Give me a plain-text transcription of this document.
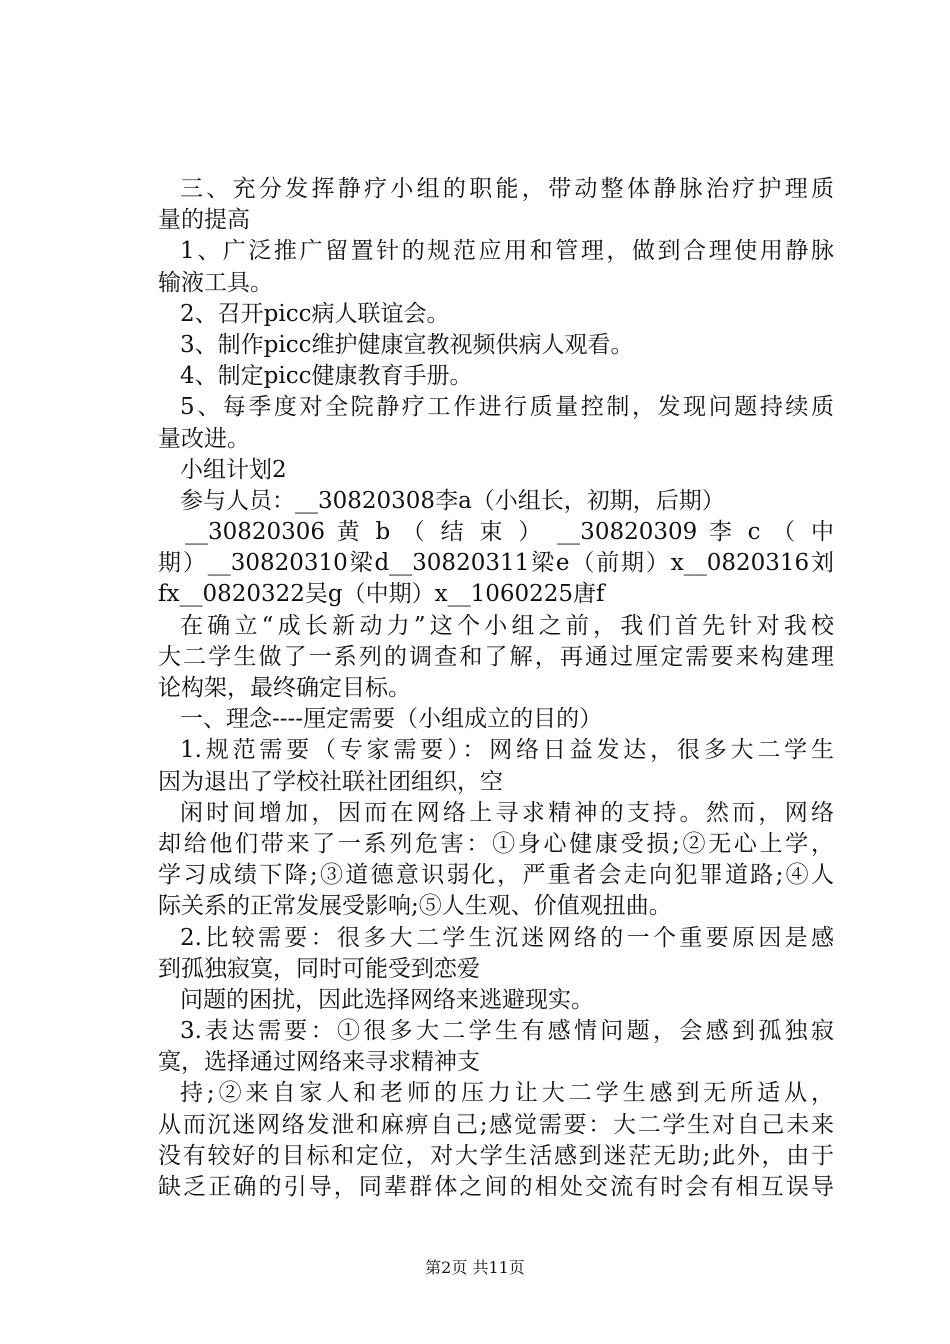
三、充分发挥静疗小组的职能，带动整体静脉治疗护理质
量的提高
1、广泛推广留置针的规范应用和管理，做到合理使用静脉
输液工具。
2、召开picc病人联谊会。
3、制作picc维护健康宣教视频供病人观看。
4、制定picc健康教育手册。
5、每季度对全院静疗工作进行质量控制，发现问题持续质
量改进。
小组计划2
参与人员：__30820308李a（小组长，初期，后期）
__30820306 黄 b （ 结 束 ） __30820309 李 c （ 中
期）__30820310梁d__30820311梁e（前期）x__0820316刘
fx__0820322吴g（中期）x__1060225唐f
在确立“成长新动力”这个小组之前，我们首先针对我校
大二学生做了一系列的调查和了解，再通过厘定需要来构建理
论构架，最终确定目标。
一、理念----厘定需要（小组成立的目的）
1.规范需要（专家需要）：网络日益发达，很多大二学生
因为退出了学校社联社团组织，空
闲时间增加，因而在网络上寻求精神的支持。然而，网络
却给他们带来了一系列危害：①身心健康受损;②无心上学，
学习成绩下降;③道德意识弱化，严重者会走向犯罪道路;④人
际关系的正常发展受影响;⑤人生观、价值观扭曲。
2.比较需要：很多大二学生沉迷网络的一个重要原因是感
到孤独寂寞，同时可能受到恋爱
问题的困扰，因此选择网络来逃避现实。
3.表达需要：①很多大二学生有感情问题，会感到孤独寂
寞，选择通过网络来寻求精神支
持;②来自家人和老师的压力让大二学生感到无所适从，
从而沉迷网络发泄和麻痹自己;感觉需要：大二学生对自己未来
没有较好的目标和定位，对大学生活感到迷茫无助;此外，由于
缺乏正确的引导，同辈群体之间的相处交流有时会有相互误导
第2页 共11页
